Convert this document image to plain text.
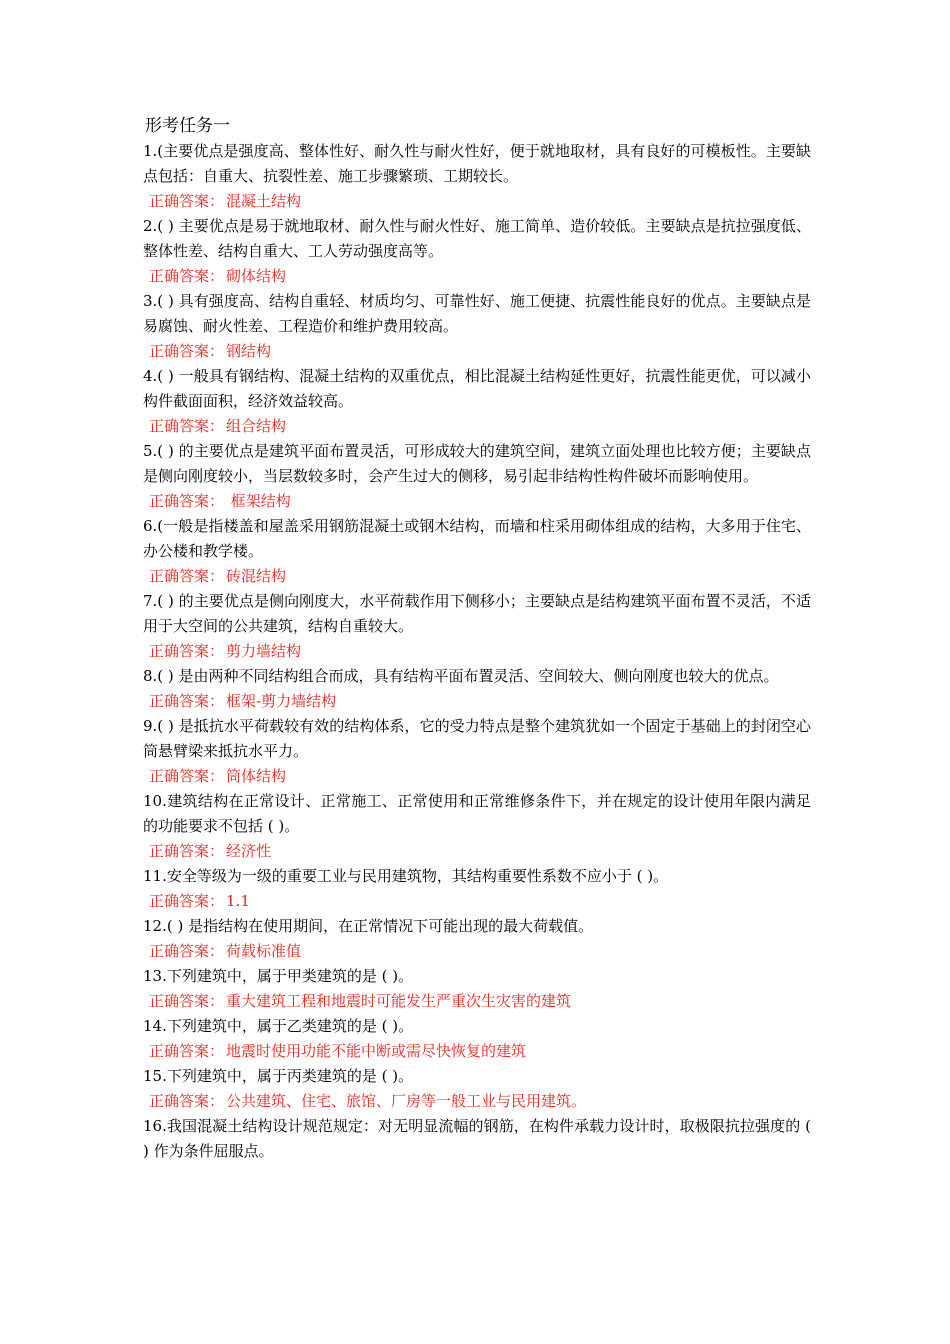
形考任务一

1.(主要优点是强度高、整体性好、耐久性与耐火性好，便于就地取材，具有良好的可模板性。主要缺点包括：自重大、抗裂性差、施工步骤繁琐、工期较长。

正确答案： 混凝土结构

2.( ) 主要优点是易于就地取材、耐久性与耐火性好、施工简单、造价较低。主要缺点是抗拉强度低、整体性差、结构自重大、工人劳动强度高等。

正确答案： 砌体结构

3.( ) 具有强度高、结构自重轻、材质均匀、可靠性好、施工便捷、抗震性能良好的优点。主要缺点是易腐蚀、耐火性差、工程造价和维护费用较高。

正确答案： 钢结构

4.( ) 一般具有钢结构、混凝土结构的双重优点，相比混凝土结构延性更好，抗震性能更优，可以减小构件截面面积，经济效益较高。

正确答案： 组合结构

5.( ) 的主要优点是建筑平面布置灵活，可形成较大的建筑空间，建筑立面处理也比较方便；主要缺点是侧向刚度较小，当层数较多时，会产生过大的侧移，易引起非结构性构件破坏而影响使用。

正确答案： 框架结构

6.(一般是指楼盖和屋盖采用钢筋混凝土或钢木结构，而墙和柱采用砌体组成的结构，大多用于住宅、办公楼和教学楼。

正确答案： 砖混结构

7.( ) 的主要优点是侧向刚度大，水平荷载作用下侧移小；主要缺点是结构建筑平面布置不灵活，不适用于大空间的公共建筑，结构自重较大。

正确答案： 剪力墙结构

8.( ) 是由两种不同结构组合而成，具有结构平面布置灵活、空间较大、侧向刚度也较大的优点。

正确答案： 框架-剪力墙结构

9.( ) 是抵抗水平荷载较有效的结构体系，它的受力特点是整个建筑犹如一个固定于基础上的封闭空心筒悬臂梁来抵抗水平力。

正确答案： 筒体结构

10.建筑结构在正常设计、正常施工、正常使用和正常维修条件下，并在规定的设计使用年限内满足的功能要求不包括 ( )。

正确答案： 经济性

11.安全等级为一级的重要工业与民用建筑物，其结构重要性系数不应小于 ( )。

正确答案： 1.1

12.( ) 是指结构在使用期间，在正常情况下可能出现的最大荷载值。

正确答案： 荷载标准值

13.下列建筑中，属于甲类建筑的是 ( )。

正确答案： 重大建筑工程和地震时可能发生严重次生灾害的建筑

14.下列建筑中，属于乙类建筑的是 ( )。

正确答案： 地震时使用功能不能中断或需尽快恢复的建筑

15.下列建筑中，属于丙类建筑的是 ( )。

正确答案： 公共建筑、住宅、旅馆、厂房等一般工业与民用建筑。

16.我国混凝土结构设计规范规定：对无明显流幅的钢筋，在构件承载力设计时，取极限抗拉强度的 ( ) 作为条件屈服点。
